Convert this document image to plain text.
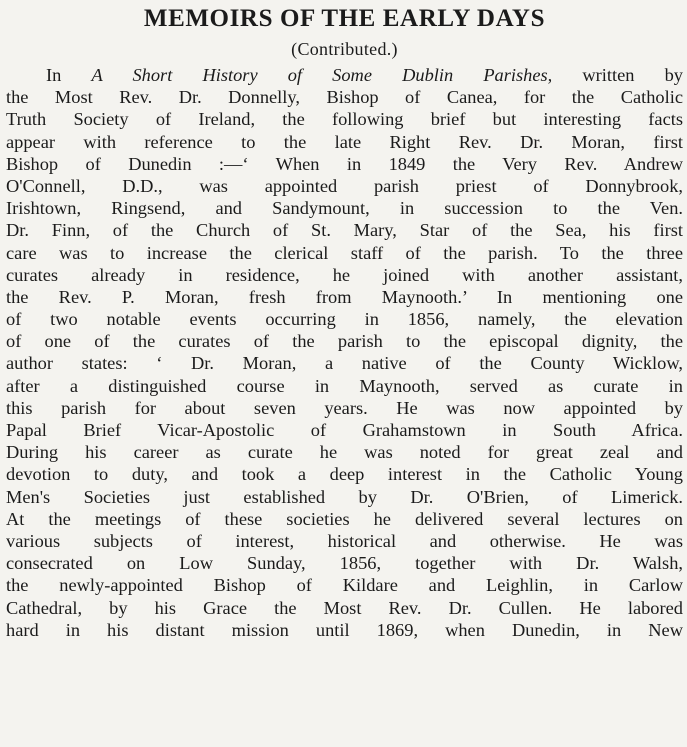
MEMOIRS OF THE EARLY DAYS

(Contributed.)

In A Short History of Some Dublin Parishes, written by
the Most Rev. Dr. Donnelly, Bishop of Canea, for the Catholic
Truth Society of Ireland, the following brief but interesting facts
appear with reference to the late Right Rev. Dr. Moran, first
Bishop of Dunedin :—‘ When in 1849 the Very Rev. Andrew
O'Connell, D.D., was appointed parish priest of Donnybrook,
Irishtown, Ringsend, and Sandymount, in succession to the Ven.
Dr. Finn, of the Church of St. Mary, Star of the Sea, his first
care was to increase the clerical staff of the parish. To the three
curates already in residence, he joined with another assistant,
the Rev. P. Moran, fresh from Maynooth.’ In mentioning one
of two notable events occurring in 1856, namely, the elevation
of one of the curates of the parish to the episcopal dignity, the
author states: ‘ Dr. Moran, a native of the County Wicklow,
after a distinguished course in Maynooth, served as curate in
this parish for about seven years. He was now appointed by
Papal Brief Vicar-Apostolic of Grahamstown in South Africa.
During his career as curate he was noted for great zeal and
devotion to duty, and took a deep interest in the Catholic Young
Men's Societies just established by Dr. O'Brien, of Limerick.
At the meetings of these societies he delivered several lectures on
various subjects of interest, historical and otherwise. He was
consecrated on Low Sunday, 1856, together with Dr. Walsh,
the newly-appointed Bishop of Kildare and Leighlin, in Carlow
Cathedral, by his Grace the Most Rev. Dr. Cullen. He labored
hard in his distant mission until 1869, when Dunedin, in New
